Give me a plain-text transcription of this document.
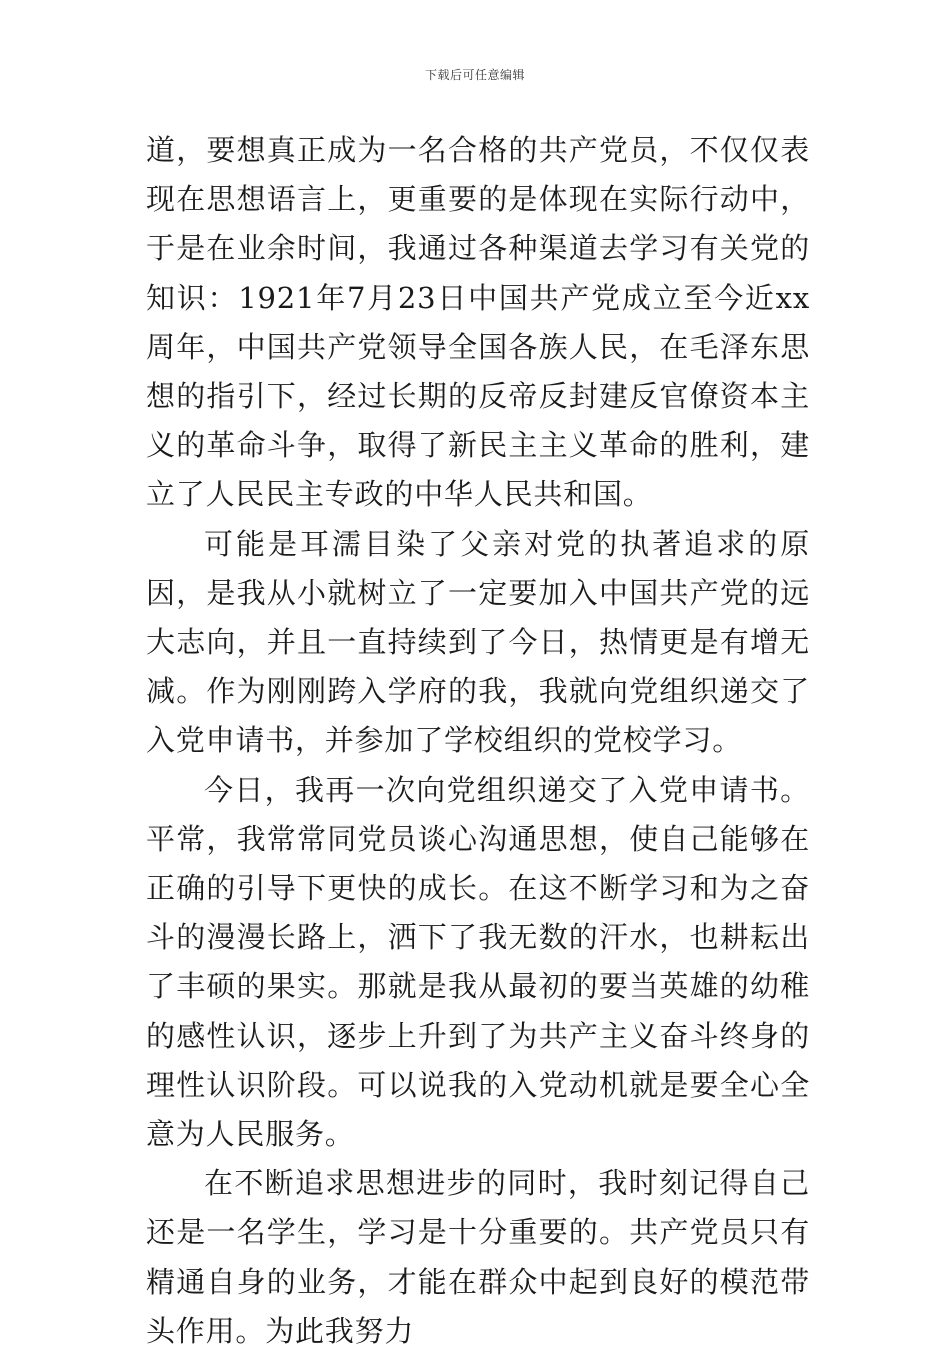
下载后可任意编辑

道，要想真正成为一名合格的共产党员，不仅仅表现在思想语言上，更重要的是体现在实际行动中，于是在业余时间，我通过各种渠道去学习有关党的知识：1921年7月23日中国共产党成立至今近xx周年，中国共产党领导全国各族人民，在毛泽东思想的指引下，经过长期的反帝反封建反官僚资本主义的革命斗争，取得了新民主主义革命的胜利，建立了人民民主专政的中华人民共和国。

可能是耳濡目染了父亲对党的执著追求的原因，是我从小就树立了一定要加入中国共产党的远大志向，并且一直持续到了今日，热情更是有增无减。作为刚刚跨入学府的我，我就向党组织递交了入党申请书，并参加了学校组织的党校学习。

今日，我再一次向党组织递交了入党申请书。平常，我常常同党员谈心沟通思想，使自己能够在正确的引导下更快的成长。在这不断学习和为之奋斗的漫漫长路上，洒下了我无数的汗水，也耕耘出了丰硕的果实。那就是我从最初的要当英雄的幼稚的感性认识，逐步上升到了为共产主义奋斗终身的理性认识阶段。可以说我的入党动机就是要全心全意为人民服务。

在不断追求思想进步的同时，我时刻记得自己还是一名学生，学习是十分重要的。共产党员只有精通自身的业务，才能在群众中起到良好的模范带头作用。为此我努力
